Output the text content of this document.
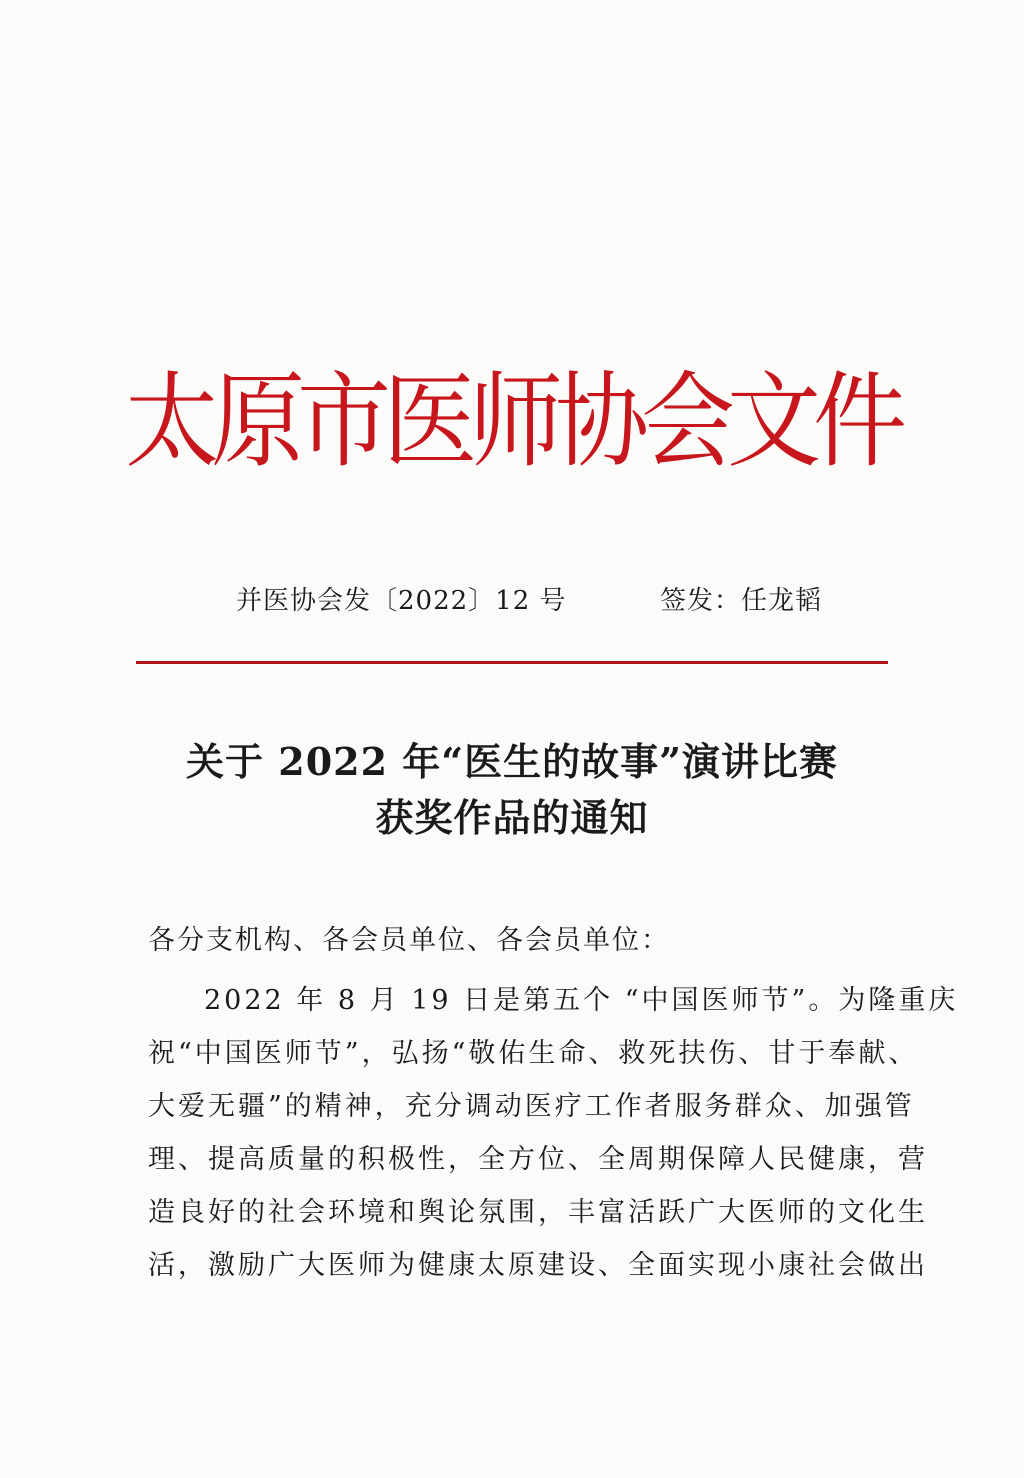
太原市医师协会文件
并医协会发〔2022〕12 号	签发：任龙韬
关于 2022 年“医生的故事”演讲比赛
获奖作品的通知
各分支机构、各会员单位、各会员单位：
2022 年 8 月 19 日是第五个 “中国医师节”。为隆重庆
祝“中国医师节”，弘扬“敬佑生命、救死扶伤、甘于奉献、
大爱无疆”的精神，充分调动医疗工作者服务群众、加强管
理、提高质量的积极性，全方位、全周期保障人民健康，营
造良好的社会环境和舆论氛围，丰富活跃广大医师的文化生
活，激励广大医师为健康太原建设、全面实现小康社会做出
